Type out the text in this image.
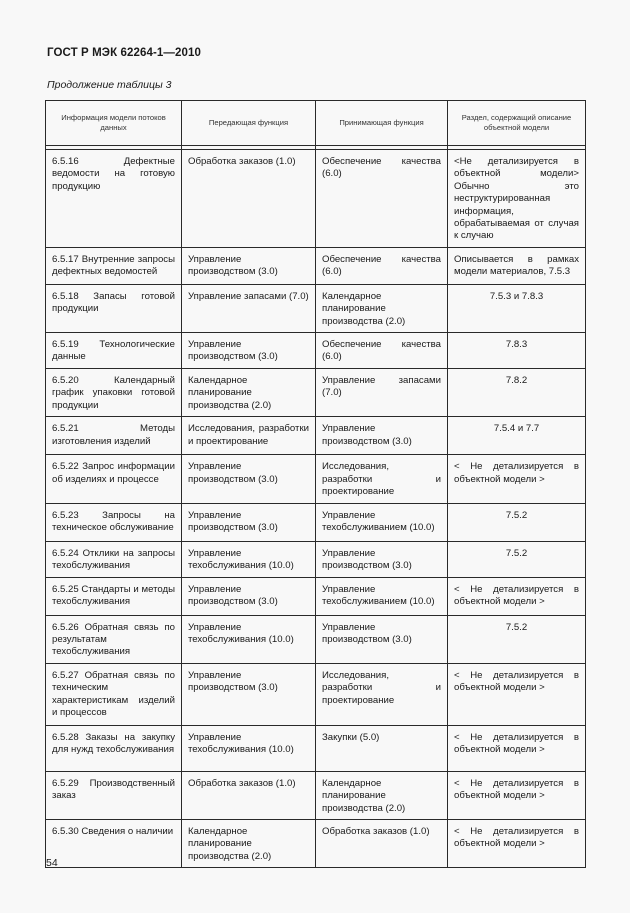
ГОСТ Р МЭК 62264-1—2010
Продолжение таблицы 3
Информация модели потоков данных	Передающая функция	Принимающая функция	Раздел, содержащий описание объектной модели

6.5.16 Дефектные ведомости на готовую продукцию	Обработка заказов (1.0)	Обеспечение качества (6.0)	<Не детализируется в объектной модели> Обычно это неструктурированная информация, обрабатываемая от случая к случаю
6.5.17 Внутренние запросы дефектных ведомостей	Управление производством (3.0)	Обеспечение качества (6.0)	Описывается в рамках модели материалов, 7.5.3
6.5.18 Запасы готовой продукции	Управление запасами (7.0)	Календарное планирование производства (2.0)	7.5.3 и 7.8.3
6.5.19 Технологические данные	Управление производством (3.0)	Обеспечение качества (6.0)	7.8.3
6.5.20 Календарный график упаковки готовой продукции	Календарное планирование производства (2.0)	Управление запасами (7.0)	7.8.2
6.5.21 Методы изготовления изделий	Исследования, разработки и проектирование	Управление производством (3.0)	7.5.4 и 7.7
6.5.22 Запрос информации об изделиях и процессе	Управление производством (3.0)	Исследования, разработки и проектирование	< Не детализируется в объектной модели >
6.5.23 Запросы на техническое обслуживание	Управление производством (3.0)	Управление техобслуживанием (10.0)	7.5.2
6.5.24 Отклики на запросы техобслуживания	Управление техобслуживания (10.0)	Управление производством (3.0)	7.5.2
6.5.25 Стандарты и методы техобслуживания	Управление производством (3.0)	Управление техобслуживанием (10.0)	< Не детализируется в объектной модели >
6.5.26 Обратная связь по результатам техобслуживания	Управление техобслуживания (10.0)	Управление производством (3.0)	7.5.2
6.5.27 Обратная связь по техническим характеристикам изделий и процессов	Управление производством (3.0)	Исследования, разработки и проектирование	< Не детализируется в объектной модели >
6.5.28 Заказы на закупку для нужд техобслуживания	Управление техобслуживания (10.0)	Закупки (5.0)	< Не детализируется в объектной модели >
6.5.29 Производственный заказ	Обработка заказов (1.0)	Календарное планирование производства (2.0)	< Не детализируется в объектной модели >
6.5.30 Сведения о наличии	Календарное планирование производства (2.0)	Обработка заказов (1.0)	< Не детализируется в объектной модели >
54
